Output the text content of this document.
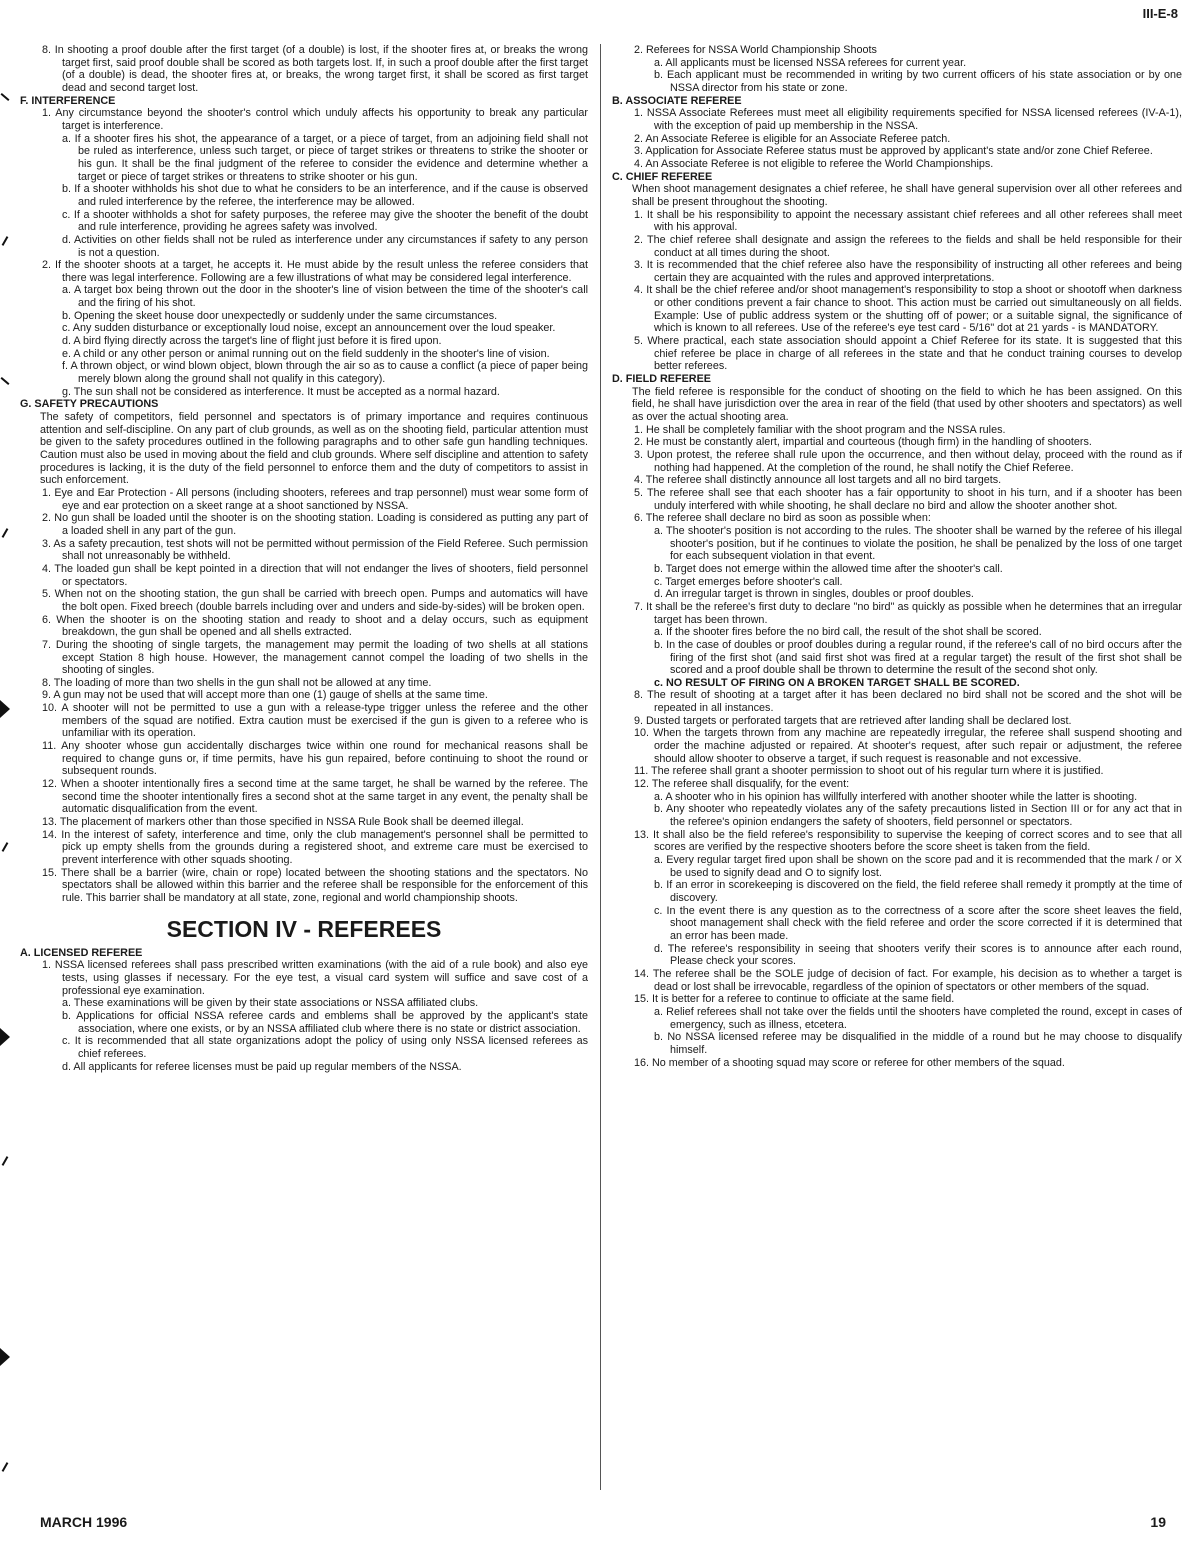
III-E-8

8. In shooting a proof double after the first target (of a double) is lost, if the shooter fires at, or breaks the wrong target first, said proof double shall be scored as both targets lost. If, in such a proof double after the first target (of a double) is dead, the shooter fires at, or breaks, the wrong target first, it shall be scored as first target dead and second target lost.

F. INTERFERENCE

1. Any circumstance beyond the shooter's control which unduly affects his opportunity to break any particular target is interference.

a. If a shooter fires his shot, the appearance of a target, or a piece of target, from an adjoining field shall not be ruled as interference, unless such target, or piece of target strikes or threatens to strike the shooter or his gun. It shall be the final judgment of the referee to consider the evidence and determine whether a target or piece of target strikes or threatens to strike shooter or his gun.

b. If a shooter withholds his shot due to what he considers to be an interference, and if the cause is observed and ruled interference by the referee, the interference may be allowed.

c. If a shooter withholds a shot for safety purposes, the referee may give the shooter the benefit of the doubt and rule interference, providing he agrees safety was involved.

d. Activities on other fields shall not be ruled as interference under any circumstances if safety to any person is not a question.

2. If the shooter shoots at a target, he accepts it. He must abide by the result unless the referee considers that there was legal interference. Following are a few illustrations of what may be considered legal interference.

a. A target box being thrown out the door in the shooter's line of vision between the time of the shooter's call and the firing of his shot.

b. Opening the skeet house door unexpectedly or suddenly under the same circumstances.

c. Any sudden disturbance or exceptionally loud noise, except an announcement over the loud speaker.

d. A bird flying directly across the target's line of flight just before it is fired upon.

e. A child or any other person or animal running out on the field suddenly in the shooter's line of vision.

f. A thrown object, or wind blown object, blown through the air so as to cause a conflict (a piece of paper being merely blown along the ground shall not qualify in this category).

g. The sun shall not be considered as interference. It must be accepted as a normal hazard.

G. SAFETY PRECAUTIONS

The safety of competitors, field personnel and spectators is of primary importance and requires continuous attention and self-discipline. On any part of club grounds, as well as on the shooting field, particular attention must be given to the safety procedures outlined in the following paragraphs and to other safe gun handling techniques. Caution must also be used in moving about the field and club grounds. Where self discipline and attention to safety procedures is lacking, it is the duty of the field personnel to enforce them and the duty of competitors to assist in such enforcement.

1. Eye and Ear Protection - All persons (including shooters, referees and trap personnel) must wear some form of eye and ear protection on a skeet range at a shoot sanctioned by NSSA.

2. No gun shall be loaded until the shooter is on the shooting station. Loading is considered as putting any part of a loaded shell in any part of the gun.

3. As a safety precaution, test shots will not be permitted without permission of the Field Referee. Such permission shall not unreasonably be withheld.

4. The loaded gun shall be kept pointed in a direction that will not endanger the lives of shooters, field personnel or spectators.

5. When not on the shooting station, the gun shall be carried with breech open. Pumps and automatics will have the bolt open. Fixed breech (double barrels including over and unders and side-by-sides) will be broken open.

6. When the shooter is on the shooting station and ready to shoot and a delay occurs, such as equipment breakdown, the gun shall be opened and all shells extracted.

7. During the shooting of single targets, the management may permit the loading of two shells at all stations except Station 8 high house. However, the management cannot compel the loading of two shells in the shooting of singles.

8. The loading of more than two shells in the gun shall not be allowed at any time.

9. A gun may not be used that will accept more than one (1) gauge of shells at the same time.

10. A shooter will not be permitted to use a gun with a release-type trigger unless the referee and the other members of the squad are notified. Extra caution must be exercised if the gun is given to a referee who is unfamiliar with its operation.

11. Any shooter whose gun accidentally discharges twice within one round for mechanical reasons shall be required to change guns or, if time permits, have his gun repaired, before continuing to shoot the round or subsequent rounds.

12. When a shooter intentionally fires a second time at the same target, he shall be warned by the referee. The second time the shooter intentionally fires a second shot at the same target in any event, the penalty shall be automatic disqualification from the event.

13. The placement of markers other than those specified in NSSA Rule Book shall be deemed illegal.

14. In the interest of safety, interference and time, only the club management's personnel shall be permitted to pick up empty shells from the grounds during a registered shoot, and extreme care must be exercised to prevent interference with other squads shooting.

15. There shall be a barrier (wire, chain or rope) located between the shooting stations and the spectators. No spectators shall be allowed within this barrier and the referee shall be responsible for the enforcement of this rule. This barrier shall be mandatory at all state, zone, regional and world championship shoots.

SECTION IV - REFEREES

A. LICENSED REFEREE

1. NSSA licensed referees shall pass prescribed written examinations (with the aid of a rule book) and also eye tests, using glasses if necessary. For the eye test, a visual card system will suffice and save cost of a professional eye examination.

a. These examinations will be given by their state associations or NSSA affiliated clubs.

b. Applications for official NSSA referee cards and emblems shall be approved by the applicant's state association, where one exists, or by an NSSA affiliated club where there is no state or district association.

c. It is recommended that all state organizations adopt the policy of using only NSSA licensed referees as chief referees.

d. All applicants for referee licenses must be paid up regular members of the NSSA.

2. Referees for NSSA World Championship Shoots

a. All applicants must be licensed NSSA referees for current year.

b. Each applicant must be recommended in writing by two current officers of his state association or by one NSSA director from his state or zone.

B. ASSOCIATE REFEREE

1. NSSA Associate Referees must meet all eligibility requirements specified for NSSA licensed referees (IV-A-1), with the exception of paid up membership in the NSSA.

2. An Associate Referee is eligible for an Associate Referee patch.

3. Application for Associate Referee status must be approved by applicant's state and/or zone Chief Referee.

4. An Associate Referee is not eligible to referee the World Championships.

C. CHIEF REFEREE

When shoot management designates a chief referee, he shall have general supervision over all other referees and shall be present throughout the shooting.

1. It shall be his responsibility to appoint the necessary assistant chief referees and all other referees shall meet with his approval.

2. The chief referee shall designate and assign the referees to the fields and shall be held responsible for their conduct at all times during the shoot.

3. It is recommended that the chief referee also have the responsibility of instructing all other referees and being certain they are acquainted with the rules and approved interpretations.

4. It shall be the chief referee and/or shoot management's responsibility to stop a shoot or shootoff when darkness or other conditions prevent a fair chance to shoot. This action must be carried out simultaneously on all fields. Example: Use of public address system or the shutting off of power; or a suitable signal, the significance of which is known to all referees. Use of the referee's eye test card - 5/16" dot at 21 yards - is MANDATORY.

5. Where practical, each state association should appoint a Chief Referee for its state. It is suggested that this chief referee be place in charge of all referees in the state and that he conduct training courses to develop better referees.

D. FIELD REFEREE

The field referee is responsible for the conduct of shooting on the field to which he has been assigned. On this field, he shall have jurisdiction over the area in rear of the field (that used by other shooters and spectators) as well as over the actual shooting area.

1. He shall be completely familiar with the shoot program and the NSSA rules.

2. He must be constantly alert, impartial and courteous (though firm) in the handling of shooters.

3. Upon protest, the referee shall rule upon the occurrence, and then without delay, proceed with the round as if nothing had happened. At the completion of the round, he shall notify the Chief Referee.

4. The referee shall distinctly announce all lost targets and all no bird targets.

5. The referee shall see that each shooter has a fair opportunity to shoot in his turn, and if a shooter has been unduly interfered with while shooting, he shall declare no bird and allow the shooter another shot.

6. The referee shall declare no bird as soon as possible when:

a. The shooter's position is not according to the rules. The shooter shall be warned by the referee of his illegal shooter's position, but if he continues to violate the position, he shall be penalized by the loss of one target for each subsequent violation in that event.

b. Target does not emerge within the allowed time after the shooter's call.

c. Target emerges before shooter's call.

d. An irregular target is thrown in singles, doubles or proof doubles.

7. It shall be the referee's first duty to declare "no bird" as quickly as possible when he determines that an irregular target has been thrown.

a. If the shooter fires before the no bird call, the result of the shot shall be scored.

b. In the case of doubles or proof doubles during a regular round, if the referee's call of no bird occurs after the firing of the first shot (and said first shot was fired at a regular target) the result of the first shot shall be scored and a proof double shall be thrown to determine the result of the second shot only.

c. NO RESULT OF FIRING ON A BROKEN TARGET SHALL BE SCORED.

8. The result of shooting at a target after it has been declared no bird shall not be scored and the shot will be repeated in all instances.

9. Dusted targets or perforated targets that are retrieved after landing shall be declared lost.

10. When the targets thrown from any machine are repeatedly irregular, the referee shall suspend shooting and order the machine adjusted or repaired. At shooter's request, after such repair or adjustment, the referee should allow shooter to observe a target, if such request is reasonable and not excessive.

11. The referee shall grant a shooter permission to shoot out of his regular turn where it is justified.

12. The referee shall disqualify, for the event:

a. A shooter who in his opinion has willfully interfered with another shooter while the latter is shooting.

b. Any shooter who repeatedly violates any of the safety precautions listed in Section III or for any act that in the referee's opinion endangers the safety of shooters, field personnel or spectators.

13. It shall also be the field referee's responsibility to supervise the keeping of correct scores and to see that all scores are verified by the respective shooters before the score sheet is taken from the field.

a. Every regular target fired upon shall be shown on the score pad and it is recommended that the mark / or X be used to signify dead and O to signify lost.

b. If an error in scorekeeping is discovered on the field, the field referee shall remedy it promptly at the time of discovery.

c. In the event there is any question as to the correctness of a score after the score sheet leaves the field, shoot management shall check with the field referee and order the score corrected if it is determined that an error has been made.

d. The referee's responsibility in seeing that shooters verify their scores is to announce after each round, Please check your scores.

14. The referee shall be the SOLE judge of decision of fact. For example, his decision as to whether a target is dead or lost shall be irrevocable, regardless of the opinion of spectators or other members of the squad.

15. It is better for a referee to continue to officiate at the same field.

a. Relief referees shall not take over the fields until the shooters have completed the round, except in cases of emergency, such as illness, etcetera.

b. No NSSA licensed referee may be disqualified in the middle of a round but he may choose to disqualify himself.

16. No member of a shooting squad may score or referee for other members of the squad.

MARCH 1996	19
